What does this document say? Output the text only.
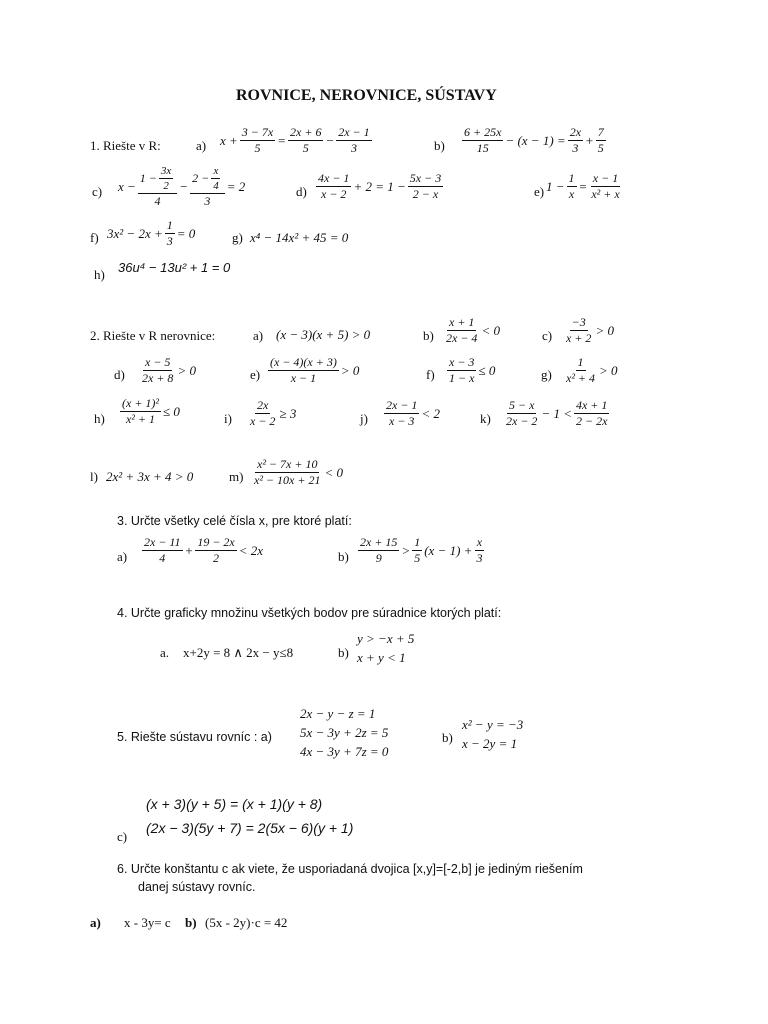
ROVNICE, NEROVNICE, SÚSTAVY
1. Riešte v R:	a) $x + \frac{3 - 7x}{5} = \frac{2x + 6}{5} - \frac{2x - 1}{3}$	$b) \frac{6 + 25x}{15} - (x - 1) = \frac{2x}{3} + \frac{7}{5}$
c) $x - \frac{1 - \frac{3x}{2}}{4} - \frac{2 - \frac{x}{4}}{3} = 2$	$d) \frac{4x - 1}{x - 2} + 2 = 1 - \frac{5x - 3}{2 - x}$	e) $1 - \frac{1}{x} = \frac{x - 1}{\text{x² + x}}$
f) $3x^2 - 2x + \frac{1}{3} = 0$	g) x⁴ − 14x² + 45 = 0
h) 36u⁴ − 13u² + 1 = 0
2. Riešte v R nerovnice:	a) (x − 3)(x + 5) > 0	$b) \frac{x + 1}{2x - 4} < 0$	$c) \frac{-3}{x + 2} > 0$
$d) \frac{x - 5}{2x + 8} > 0$	$e) \frac{(x - 4)(x + 3)}{x - 1} > 0$	$f) \frac{x - 3}{1 - x} \le 0$	$g) \frac{1}{\text{x² + 4}} > 0$
$h) \frac{\text{(x + 1)²}}{\text{x² + 1}} \le 0$	$i) \frac{2x}{x - 2} \ge 3$	$j) \frac{2x - 1}{x - 3} < 2$	$k) \frac{5 - x}{2x - 2} - 1 < \frac{4x + 1}{2 - 2x}$
l) 2x² + 3x + 4 > 0	$m) \frac{\text{x² − 7x + 10}}{\text{x² − 10x + 21}} < 0$
3. Určte všetky celé čísla x, pre ktoré platí:
$a) \frac{2x - 11}{4} + \frac{19 - 2x}{2} < 2x$	$b) \frac{2x + 15}{9} > \frac{1}{5} (x - 1) + \frac{x}{3}$
4. Určte graficky množinu všetkých bodov pre súradnice ktorých platí:
a. x+2y = 8 ∧ 2x − y≤8	b)
y > −x + 5
x + y < 1
5. Riešte sústavu rovníc : a)
2x − y − z = 1
5x − 3y + 2z = 5
4x − 3y + 7z = 0
b)
x² − y = −3
x − 2y = 1
c)
(x + 3)(y + 5) = (x + 1)(y + 8)
(2x − 3)(5y + 7) = 2(5x − 6)(y + 1)
6. Určte konštantu c ak viete, že usporiadaná dvojica [x,y]=[-2,b] je jediným riešením
danej sústavy rovníc.
a) x - 3y= c b) (5x - 2y)·c = 42
